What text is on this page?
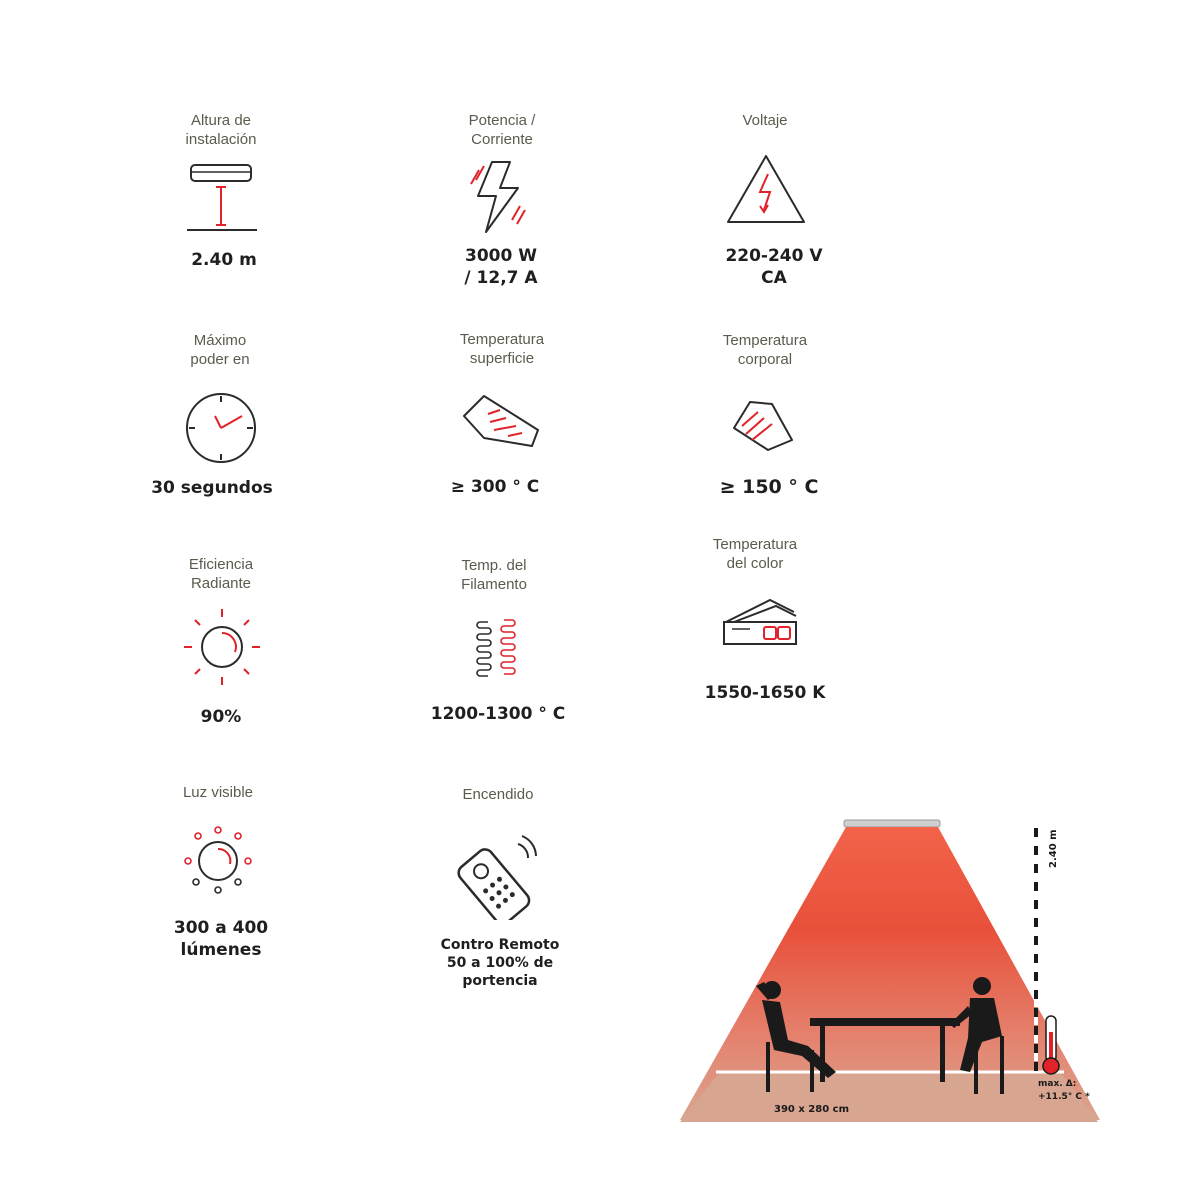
Altura de
instalación
2.40 m
Potencia /
Corriente
3000 W
/ 12,7 A
Voltaje
220-240 V
CA
Máximo
poder en
30 segundos
Temperatura
superficie
≥ 300 ° C
Temperatura
corporal
≥ 150 ° C
Eficiencia
Radiante
90%
Temp. del
Filamento
1200-1300 ° C
Temperatura
del color
1550-1650 K
Luz visible
300 a 400
lúmenes
Encendido
Contro Remoto
50 a 100% de
portencia
2.40 m
max. Δ:
+11.5° C *
390 x 280 cm
